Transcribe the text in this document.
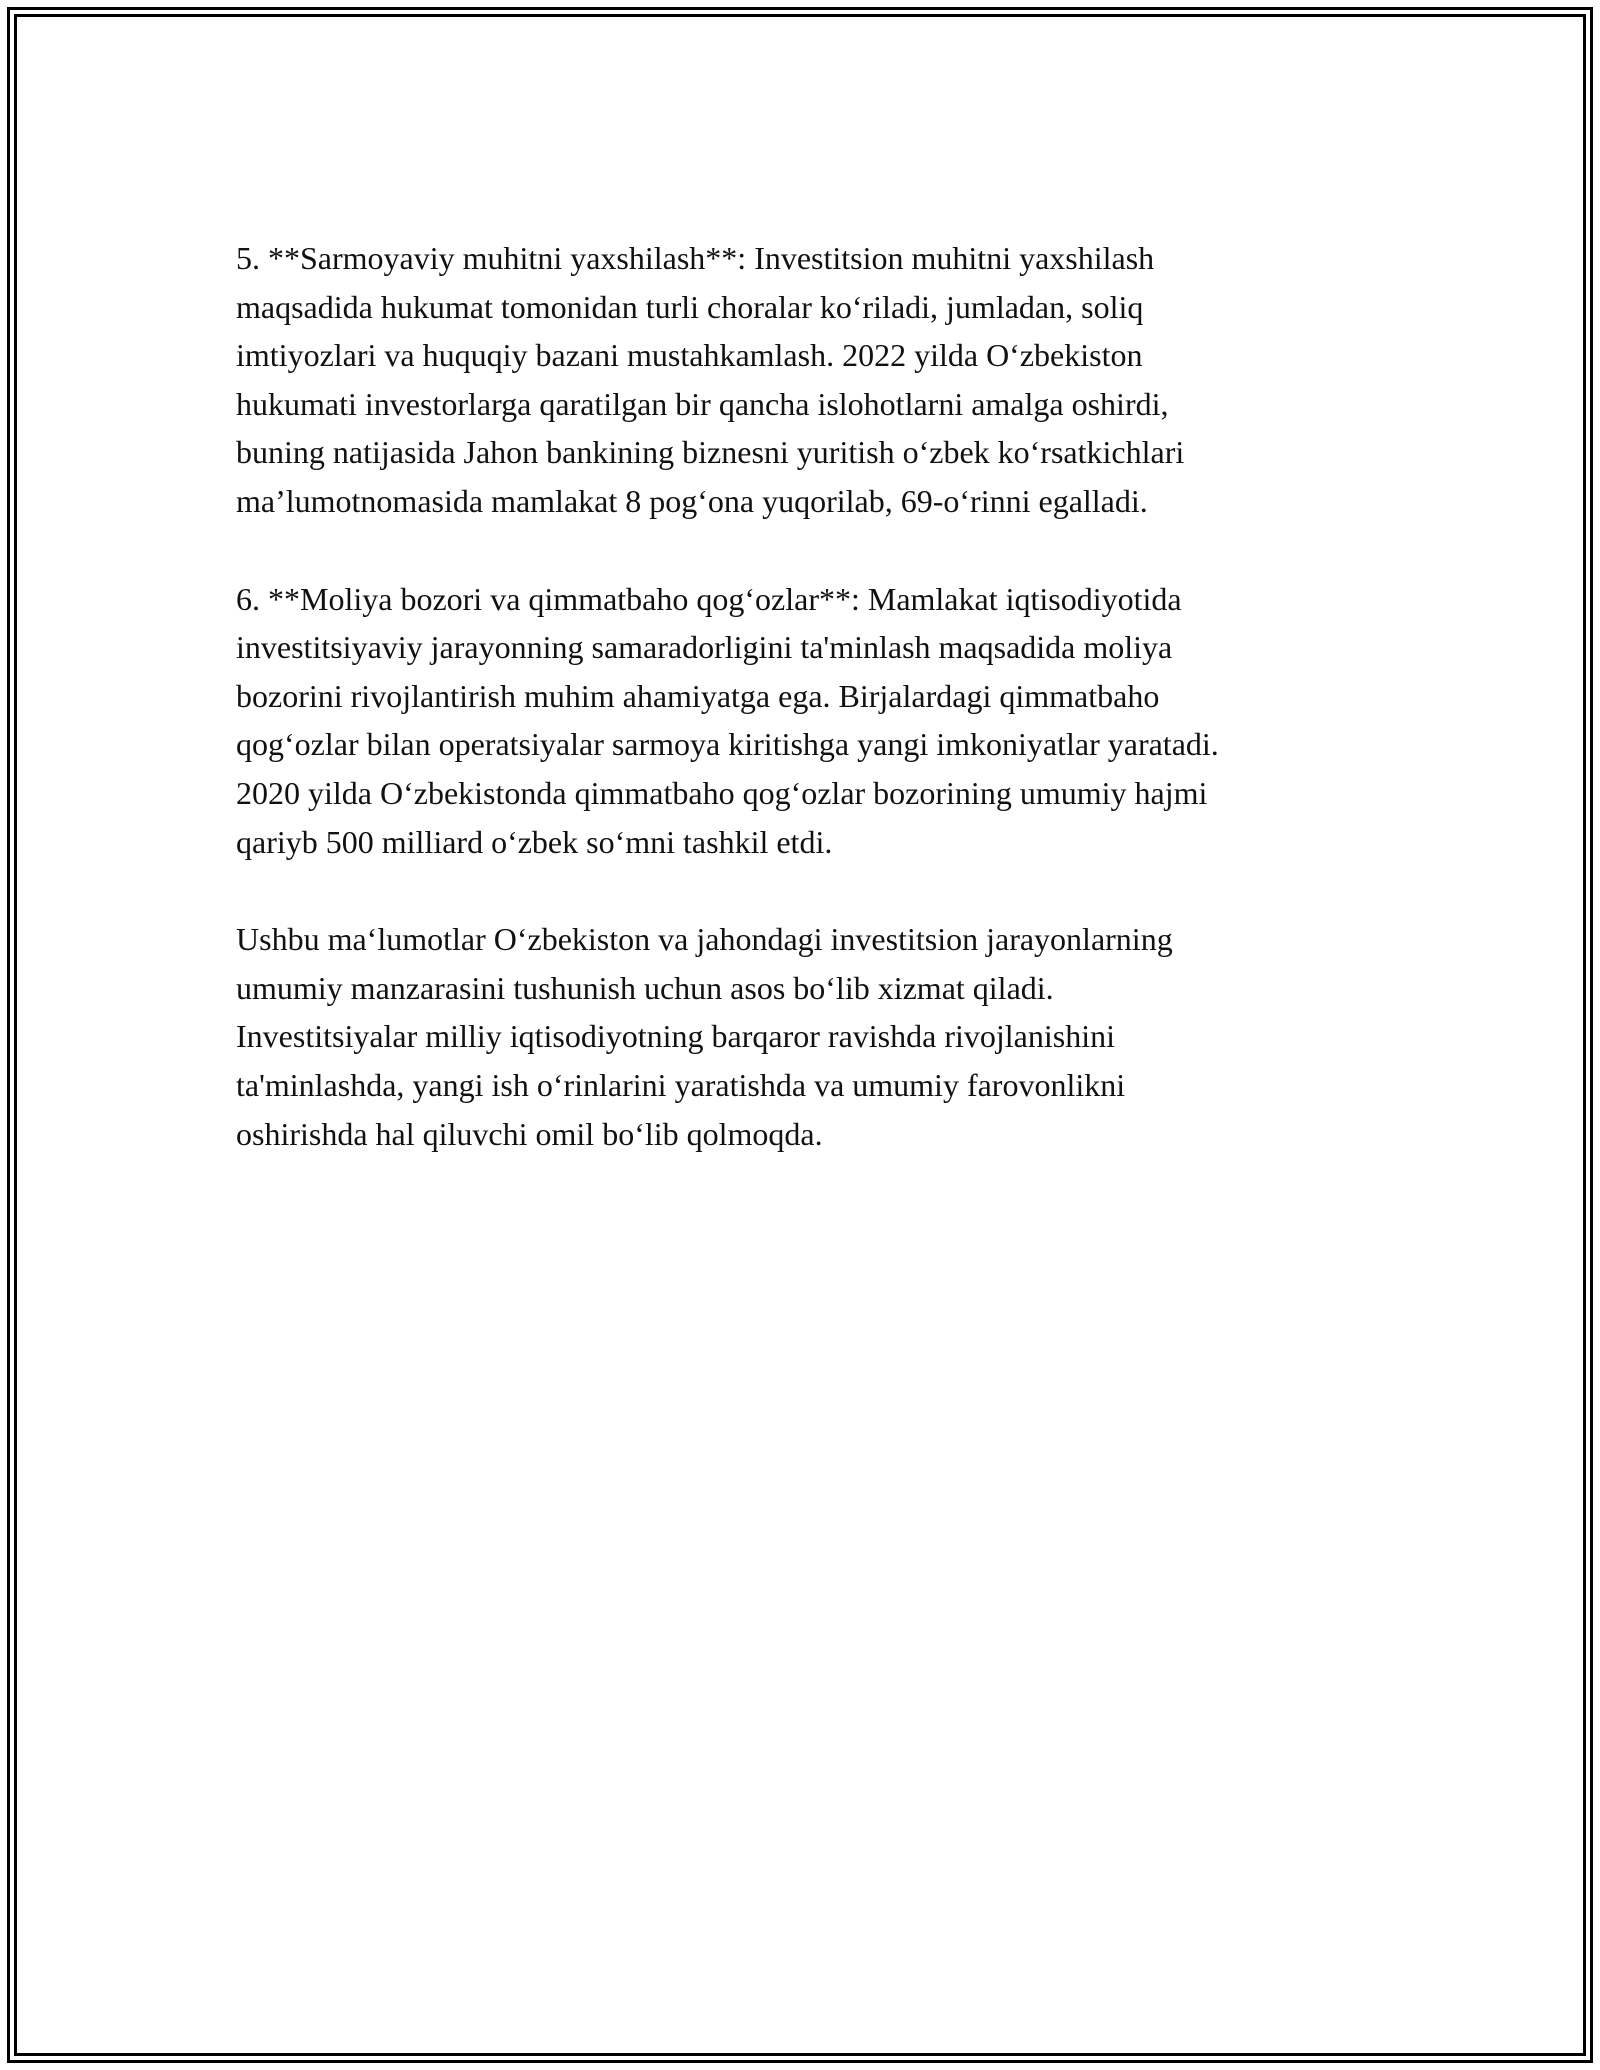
5. **Sarmoyaviy muhitni yaxshilash**: Investitsion muhitni yaxshilash
maqsadida hukumat tomonidan turli choralar koʻriladi, jumladan, soliq
imtiyozlari va huquqiy bazani mustahkamlash. 2022 yilda Oʻzbekiston
hukumati investorlarga qaratilgan bir qancha islohotlarni amalga oshirdi,
buning natijasida Jahon bankining biznesni yuritish oʻzbek koʻrsatkichlari
ma’lumotnomasida mamlakat 8 pogʻona yuqorilab, 69-oʻrinni egalladi.

6. **Moliya bozori va qimmatbaho qogʻozlar**: Mamlakat iqtisodiyotida
investitsiyaviy jarayonning samaradorligini ta'minlash maqsadida moliya
bozorini rivojlantirish muhim ahamiyatga ega. Birjalardagi qimmatbaho
qogʻozlar bilan operatsiyalar sarmoya kiritishga yangi imkoniyatlar yaratadi.
2020 yilda Oʻzbekistonda qimmatbaho qogʻozlar bozorining umumiy hajmi
qariyb 500 milliard oʻzbek soʻmni tashkil etdi.

Ushbu maʻlumotlar Oʻzbekiston va jahondagi investitsion jarayonlarning
umumiy manzarasini tushunish uchun asos boʻlib xizmat qiladi.
Investitsiyalar milliy iqtisodiyotning barqaror ravishda rivojlanishini
ta'minlashda, yangi ish oʻrinlarini yaratishda va umumiy farovonlikni
oshirishda hal qiluvchi omil boʻlib qolmoqda.
